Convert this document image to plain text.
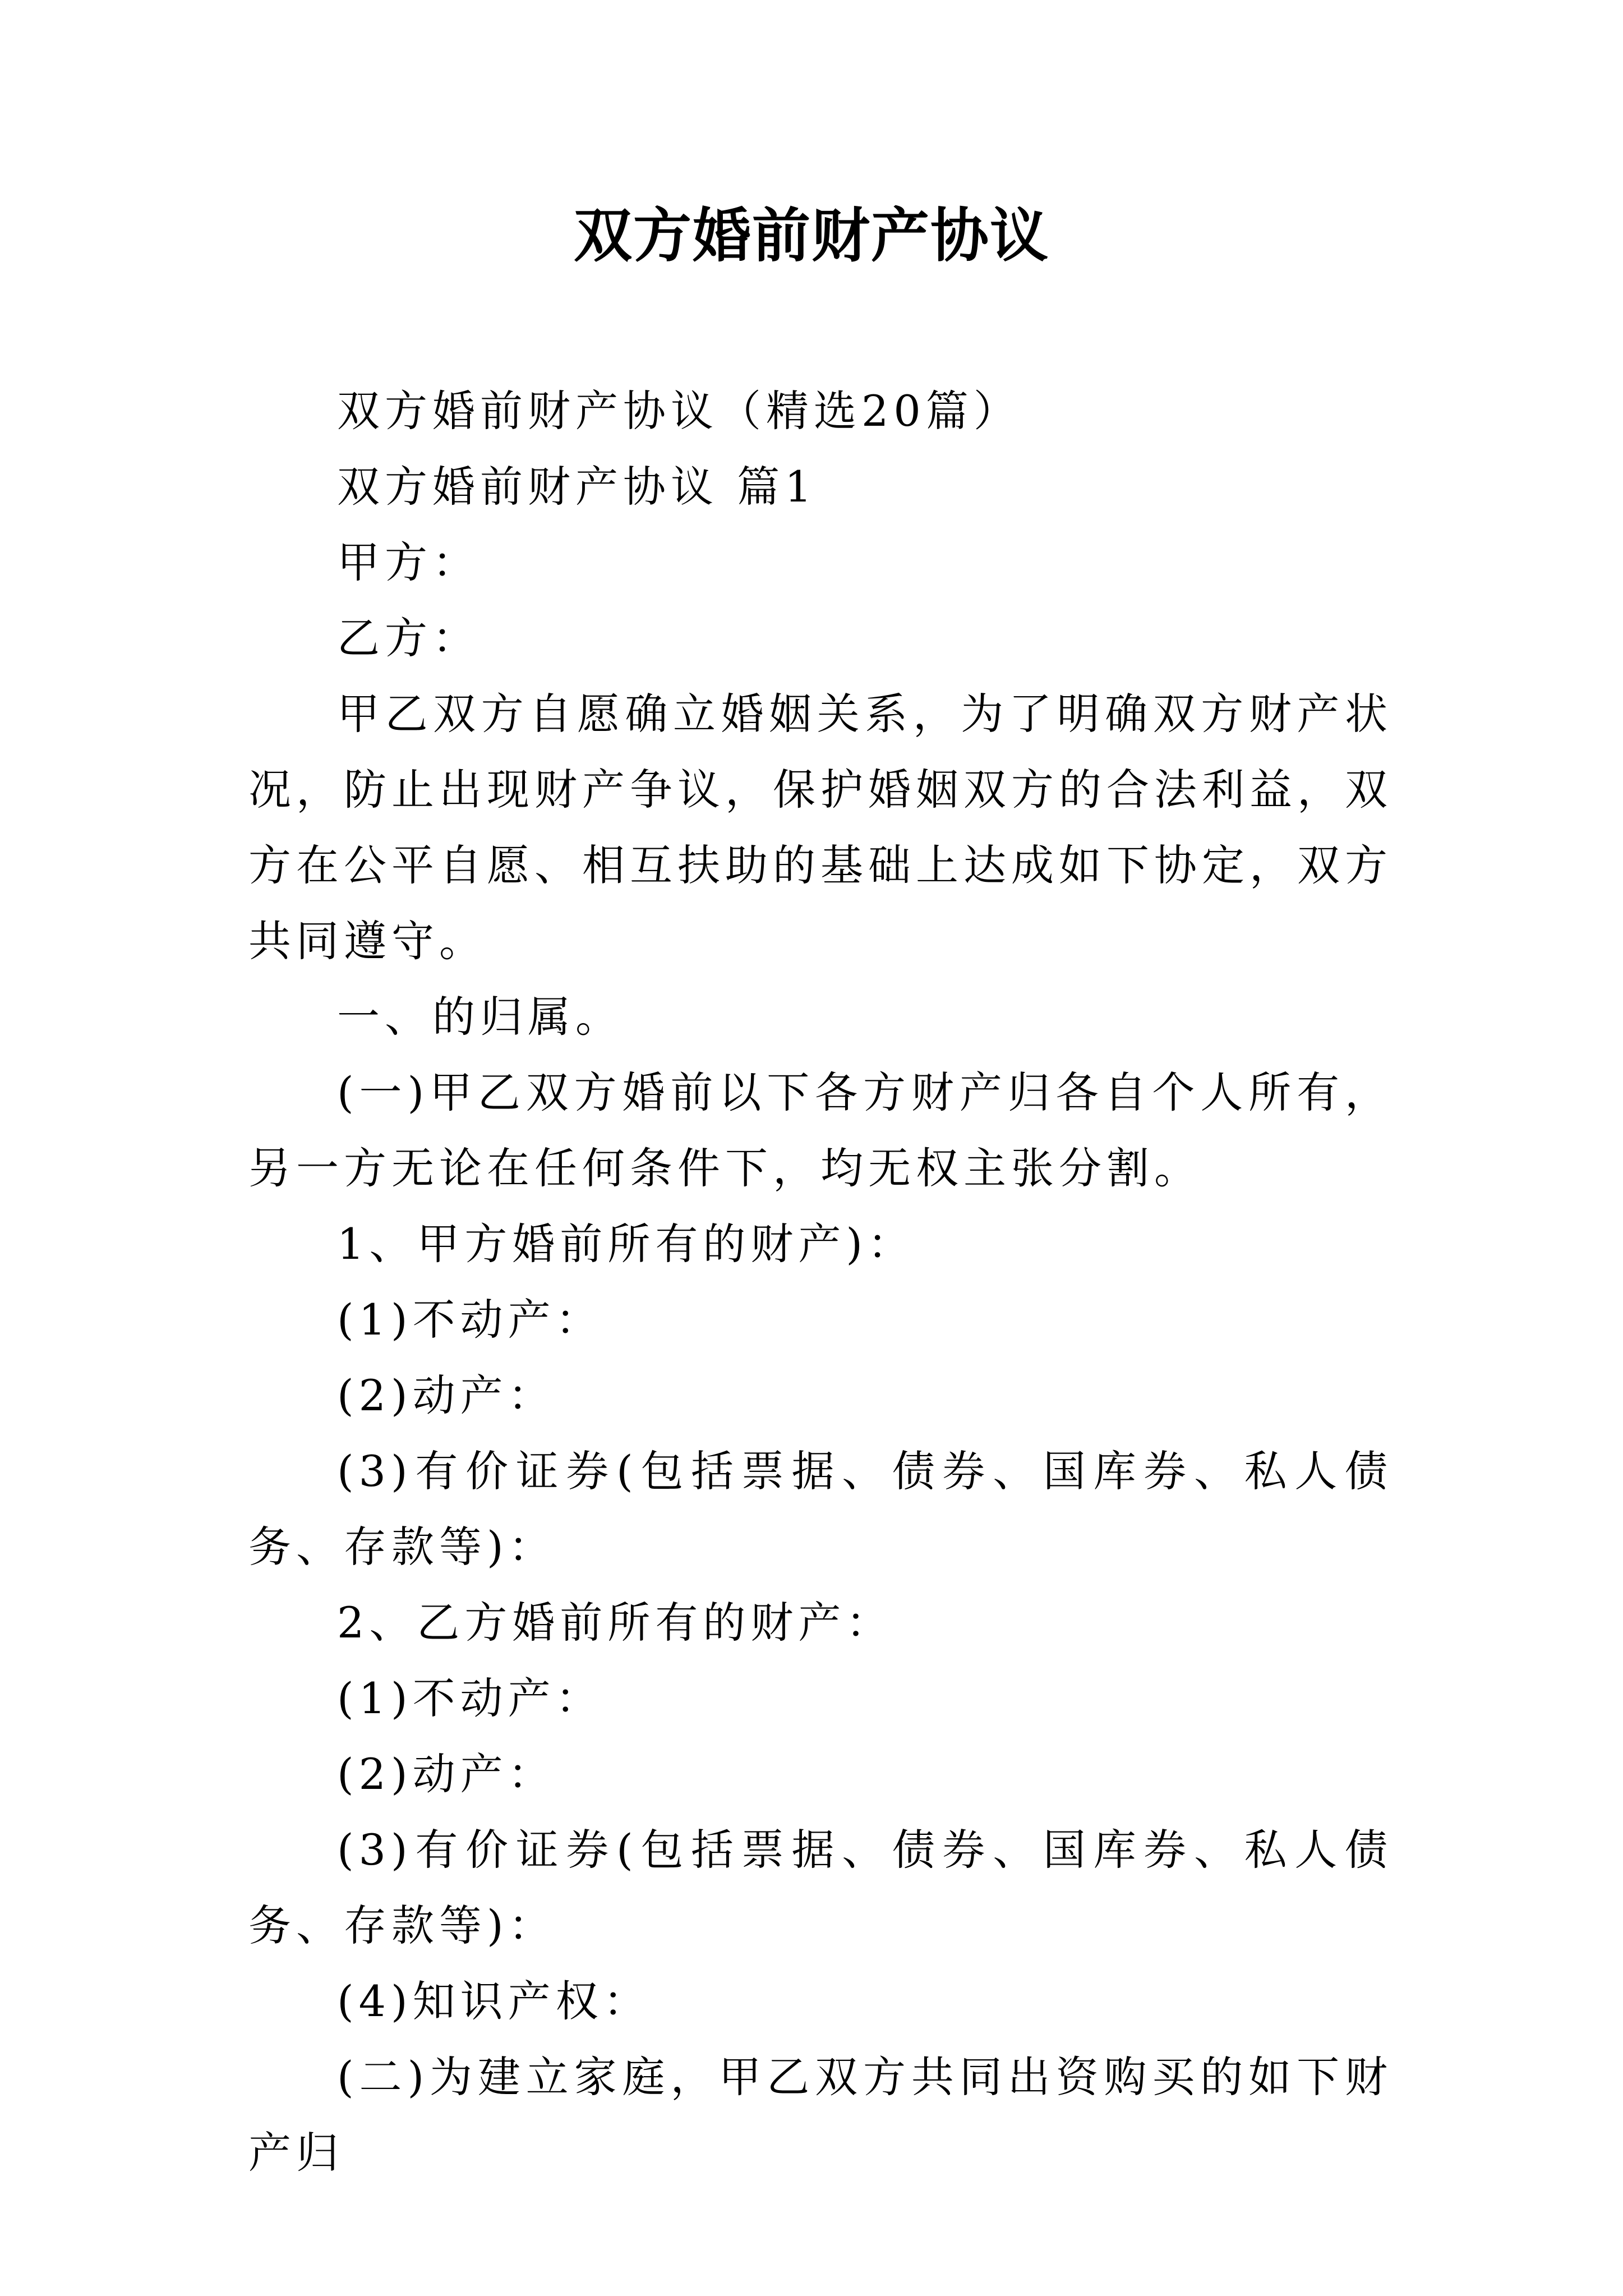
双方婚前财产协议

双方婚前财产协议（精选20篇）

双方婚前财产协议 篇1

甲方：

乙方：

甲乙双方自愿确立婚姻关系，为了明确双方财产状况，防止出现财产争议，保护婚姻双方的合法利益，双方在公平自愿、相互扶助的基础上达成如下协定，双方共同遵守。

一、的归属。

(一)甲乙双方婚前以下各方财产归各自个人所有，另一方无论在任何条件下，均无权主张分割。

1、甲方婚前所有的财产)：

(1)不动产：

(2)动产：

(3)有价证券(包括票据、债券、国库券、私人债务、存款等)：

2、乙方婚前所有的财产：

(1)不动产：

(2)动产：

(3)有价证券(包括票据、债券、国库券、私人债务、存款等)：

(4)知识产权：

(二)为建立家庭，甲乙双方共同出资购买的如下财产归
